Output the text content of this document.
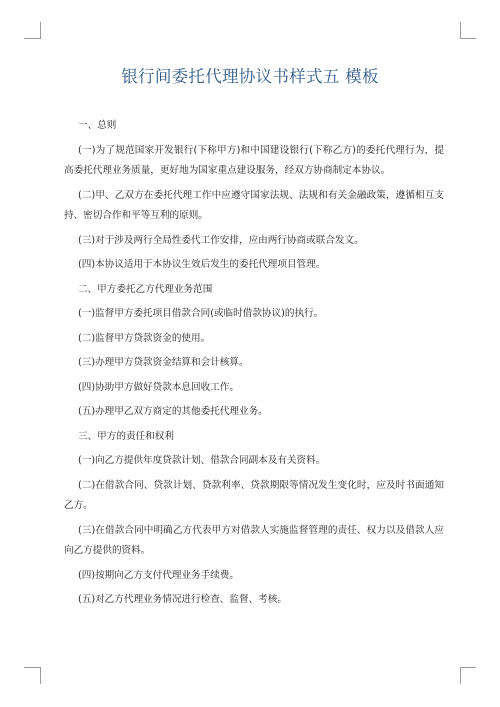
银行间委托代理协议书样式五 模板

一、总则

(一)为了规范国家开发银行(下称甲方)和中国建设银行(下称乙方)的委托代理行为，提高委托代理业务质量，更好地为国家重点建设服务，经双方协商制定本协议。

(二)甲、乙双方在委托代理工作中应遵守国家法规、法规和有关金融政策，遵循相互支持、密切合作和平等互利的原则。

(三)对于涉及两行全局性委代工作安排，应由两行协商或联合发文。

(四)本协议适用于本协议生效后发生的委托代理项目管理。

二、甲方委托乙方代理业务范围

(一)监督甲方委托项目借款合同(或临时借款协议)的执行。

(二)监督甲方贷款资金的使用。

(三)办理甲方贷款资金结算和会计核算。

(四)协助甲方做好贷款本息回收工作。

(五)办理甲乙双方商定的其他委托代理业务。

三、甲方的责任和权利

(一)向乙方提供年度贷款计划、借款合同副本及有关资料。

(二)在借款合同、贷款计划、贷款利率、贷款期限等情况发生变化时，应及时书面通知乙方。

(三)在借款合同中明确乙方代表甲方对借款人实施监督管理的责任、权力以及借款人应向乙方提供的资料。

(四)按期向乙方支付代理业务手续费。

(五)对乙方代理业务情况进行检查、监督、考核。
